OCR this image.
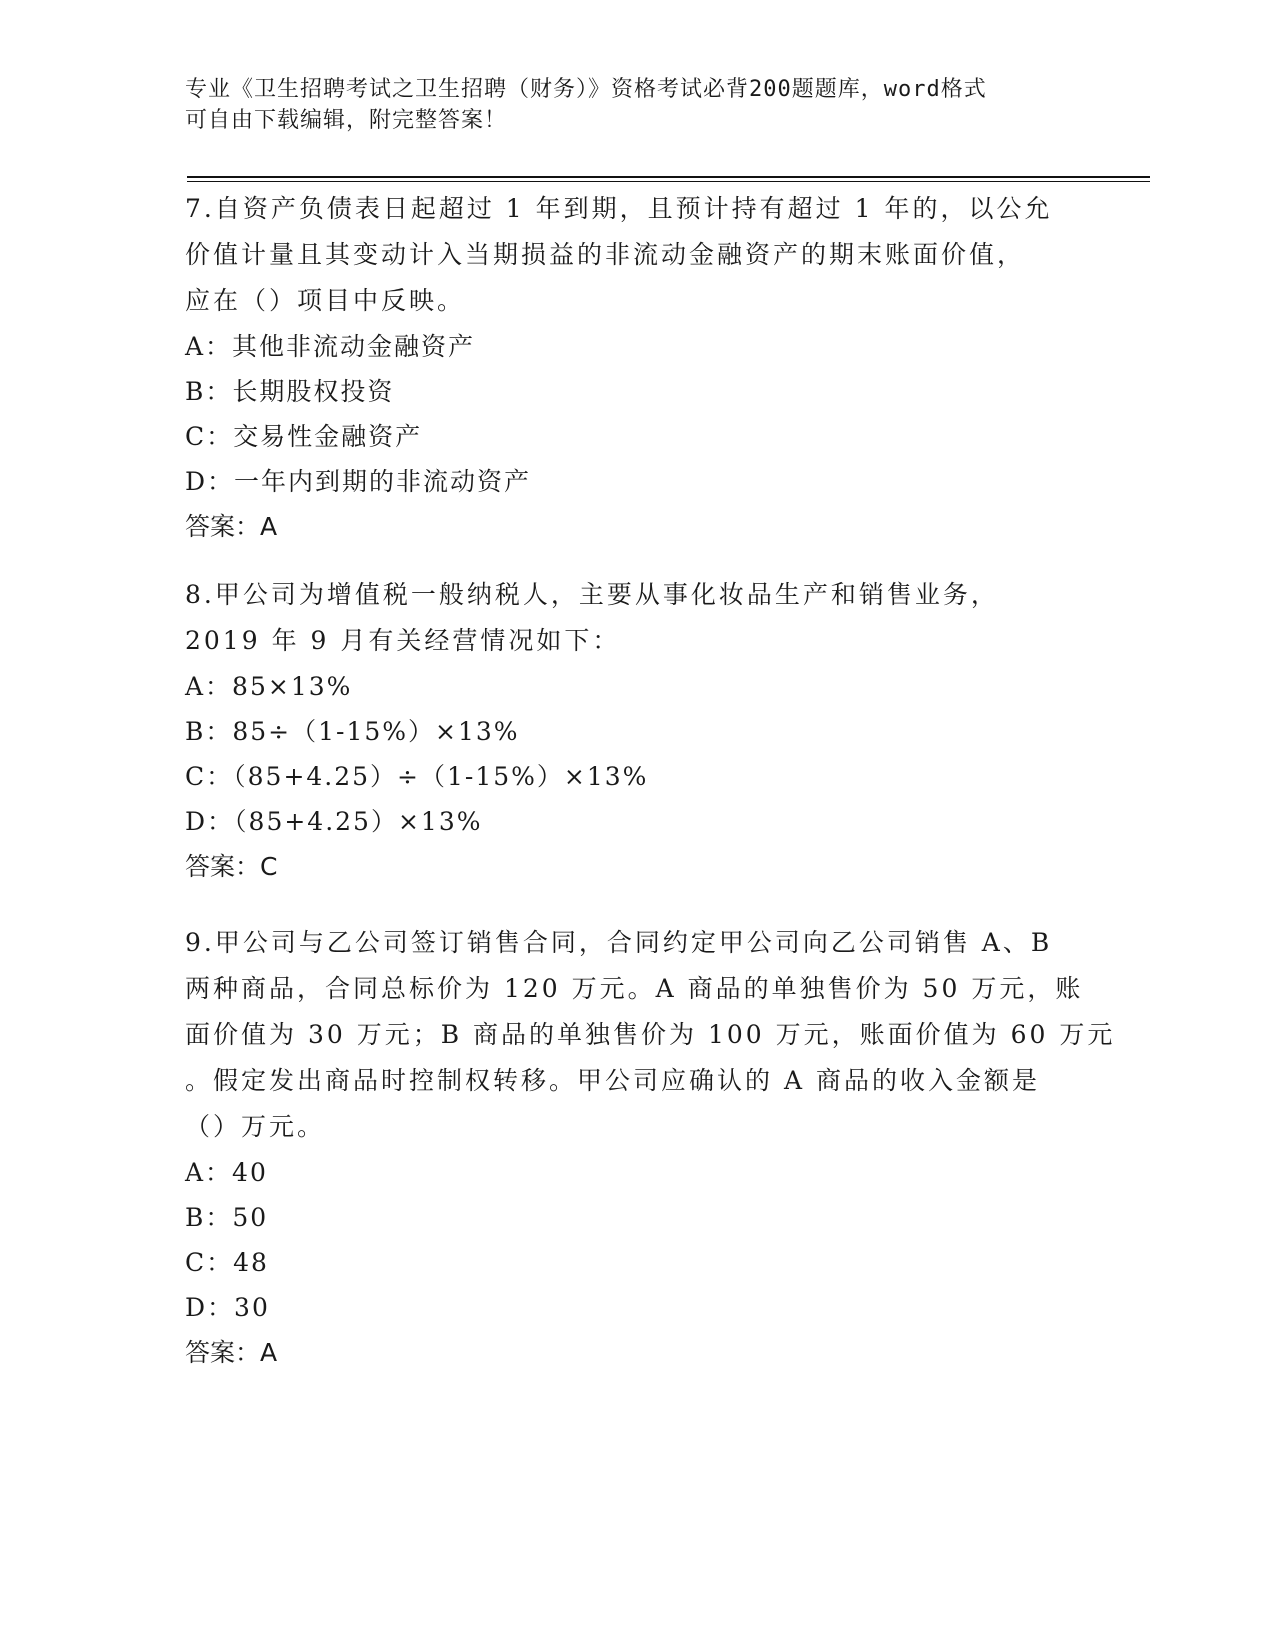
专业《卫生招聘考试之卫生招聘（财务）》资格考试必背200题题库，word格式
可自由下载编辑，附完整答案！
7.自资产负债表日起超过 1 年到期，且预计持有超过 1 年的，以公允
价值计量且其变动计入当期损益的非流动金融资产的期末账面价值，
应在（）项目中反映。
A：其他非流动金融资产
B：长期股权投资
C：交易性金融资产
D：一年内到期的非流动资产
答案：A
8.甲公司为增值税一般纳税人，主要从事化妆品生产和销售业务，
2019 年 9 月有关经营情况如下：
A：85×13%
B：85÷（1-15%）×13%
C：（85+4.25）÷（1-15%）×13%
D：（85+4.25）×13%
答案：C
9.甲公司与乙公司签订销售合同，合同约定甲公司向乙公司销售 A、B
两种商品，合同总标价为 120 万元。A 商品的单独售价为 50 万元，账
面价值为 30 万元；B 商品的单独售价为 100 万元，账面价值为 60 万元
。假定发出商品时控制权转移。甲公司应确认的 A 商品的收入金额是
（）万元。
A：40
B：50
C：48
D：30
答案：A
